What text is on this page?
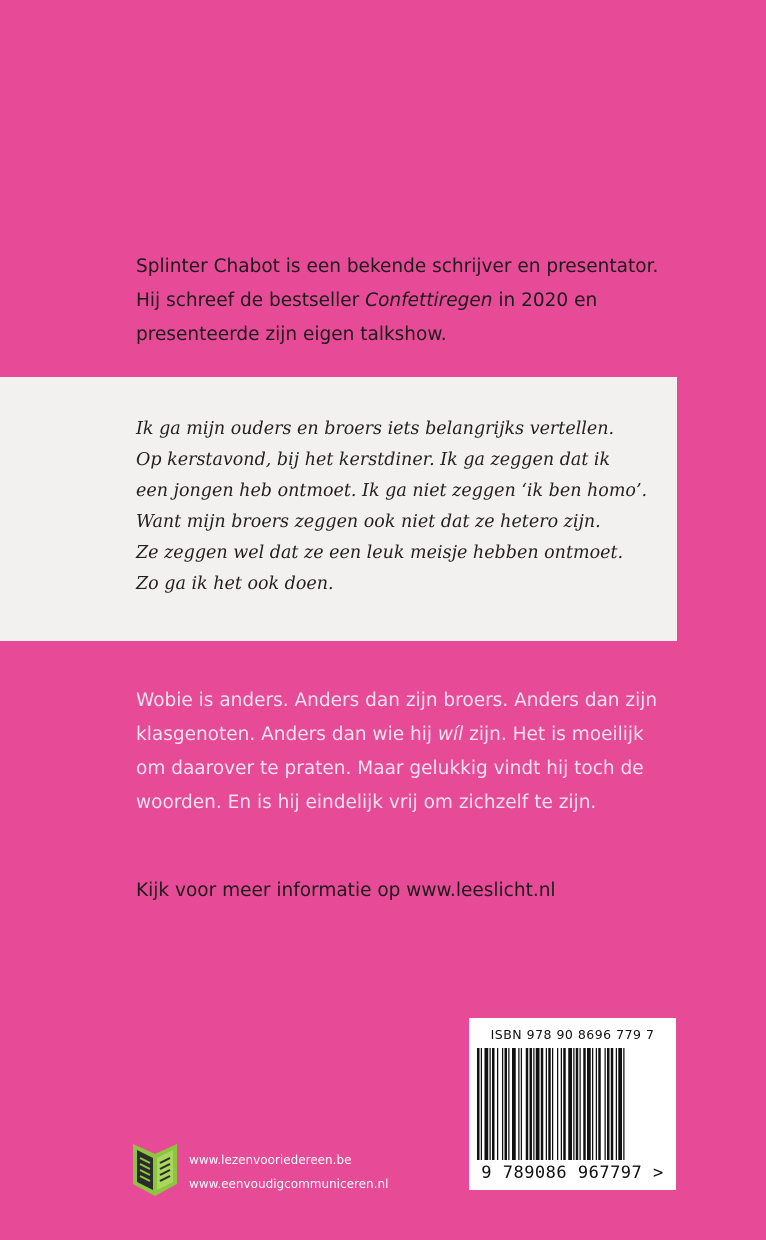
Splinter Chabot is een bekende schrijver en presentator.

Hij schreef de bestseller Confettiregen in 2020 en

presenteerde zijn eigen talkshow.

Ik ga mijn ouders en broers iets belangrijks vertellen.
Op kerstavond, bij het kerstdiner. Ik ga zeggen dat ik
een jongen heb ontmoet. Ik ga niet zeggen ‘ik ben homo’.
Want mijn broers zeggen ook niet dat ze hetero zijn.
Ze zeggen wel dat ze een leuk meisje hebben ontmoet.
Zo ga ik het ook doen.
Wobie is anders. Anders dan zijn broers. Anders dan zijn
klasgenoten. Anders dan wie hij wíl zijn. Het is moeilijk
om daarover te praten. Maar gelukkig vindt hij toch de
woorden. En is hij eindelijk vrij om zichzelf te zijn.
Kijk voor meer informatie op www.leeslicht.nl
ISBN 978 90 8696 779 7
9 789086 967797 >
www.lezenvooriedereen.be
www.eenvoudigcommuniceren.nl
